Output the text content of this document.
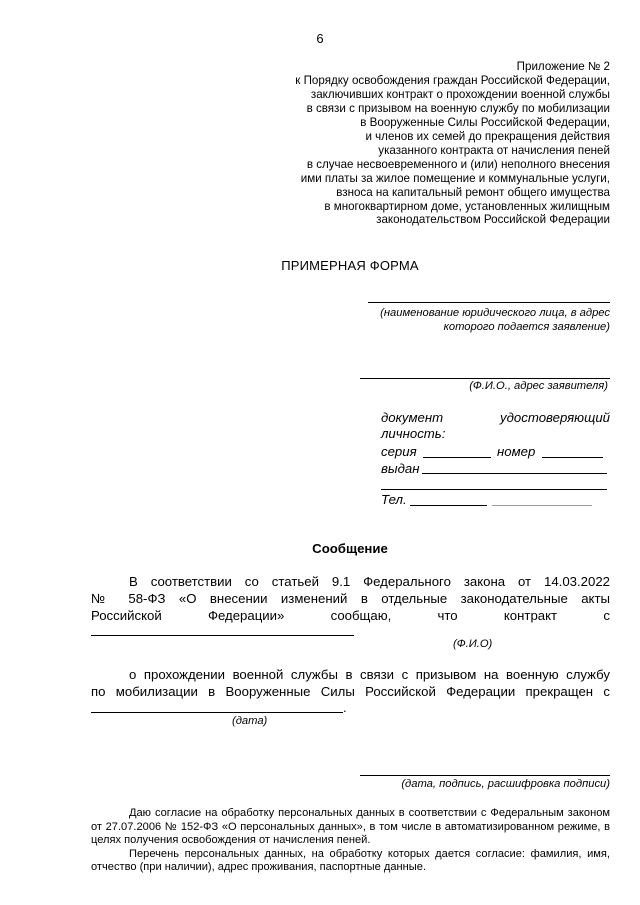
6
Приложение № 2
к Порядку освобождения граждан Российской Федерации,
заключивших контракт о прохождении военной службы
в связи с призывом на военную службу по мобилизации
в Вооруженные Силы Российской Федерации,
и членов их семей до прекращения действия
указанного контракта от начисления пеней
в случае несвоевременного и (или) неполного внесения
ими платы за жилое помещение и коммунальные услуги,
взноса на капитальный ремонт общего имущества
в многоквартирном доме, установленных жилищным
законодательством Российской Федерации
ПРИМЕРНАЯ ФОРМА
(наименование юридического лица, в адрес которого подается заявление)
(Ф.И.О., адрес заявителя)
документ	удостоверяющий
личность:
серия	номер
выдан
Тел.
Сообщение
В соответствии со статьей 9.1 Федерального закона от 14.03.2022
№ 58-ФЗ «О внесении изменений в отдельные законодательные акты
Российской	Федерации»	сообщаю,	что	контракт	с
(Ф.И.О)
о прохождении военной службы в связи с призывом на военную службу
по мобилизации в Вооруженные Силы Российской Федерации прекращен с
.
(дата)
(дата, подпись, расшифровка подписи)

Даю согласие на обработку персональных данных в соответствии с Федеральным законом от 27.07.2006 № 152-ФЗ «О персональных данных», в том числе в автоматизированном режиме, в целях получения освобождения от начисления пеней.

Перечень персональных данных, на обработку которых дается согласие: фамилия, имя, отчество (при наличии), адрес проживания, паспортные данные.
